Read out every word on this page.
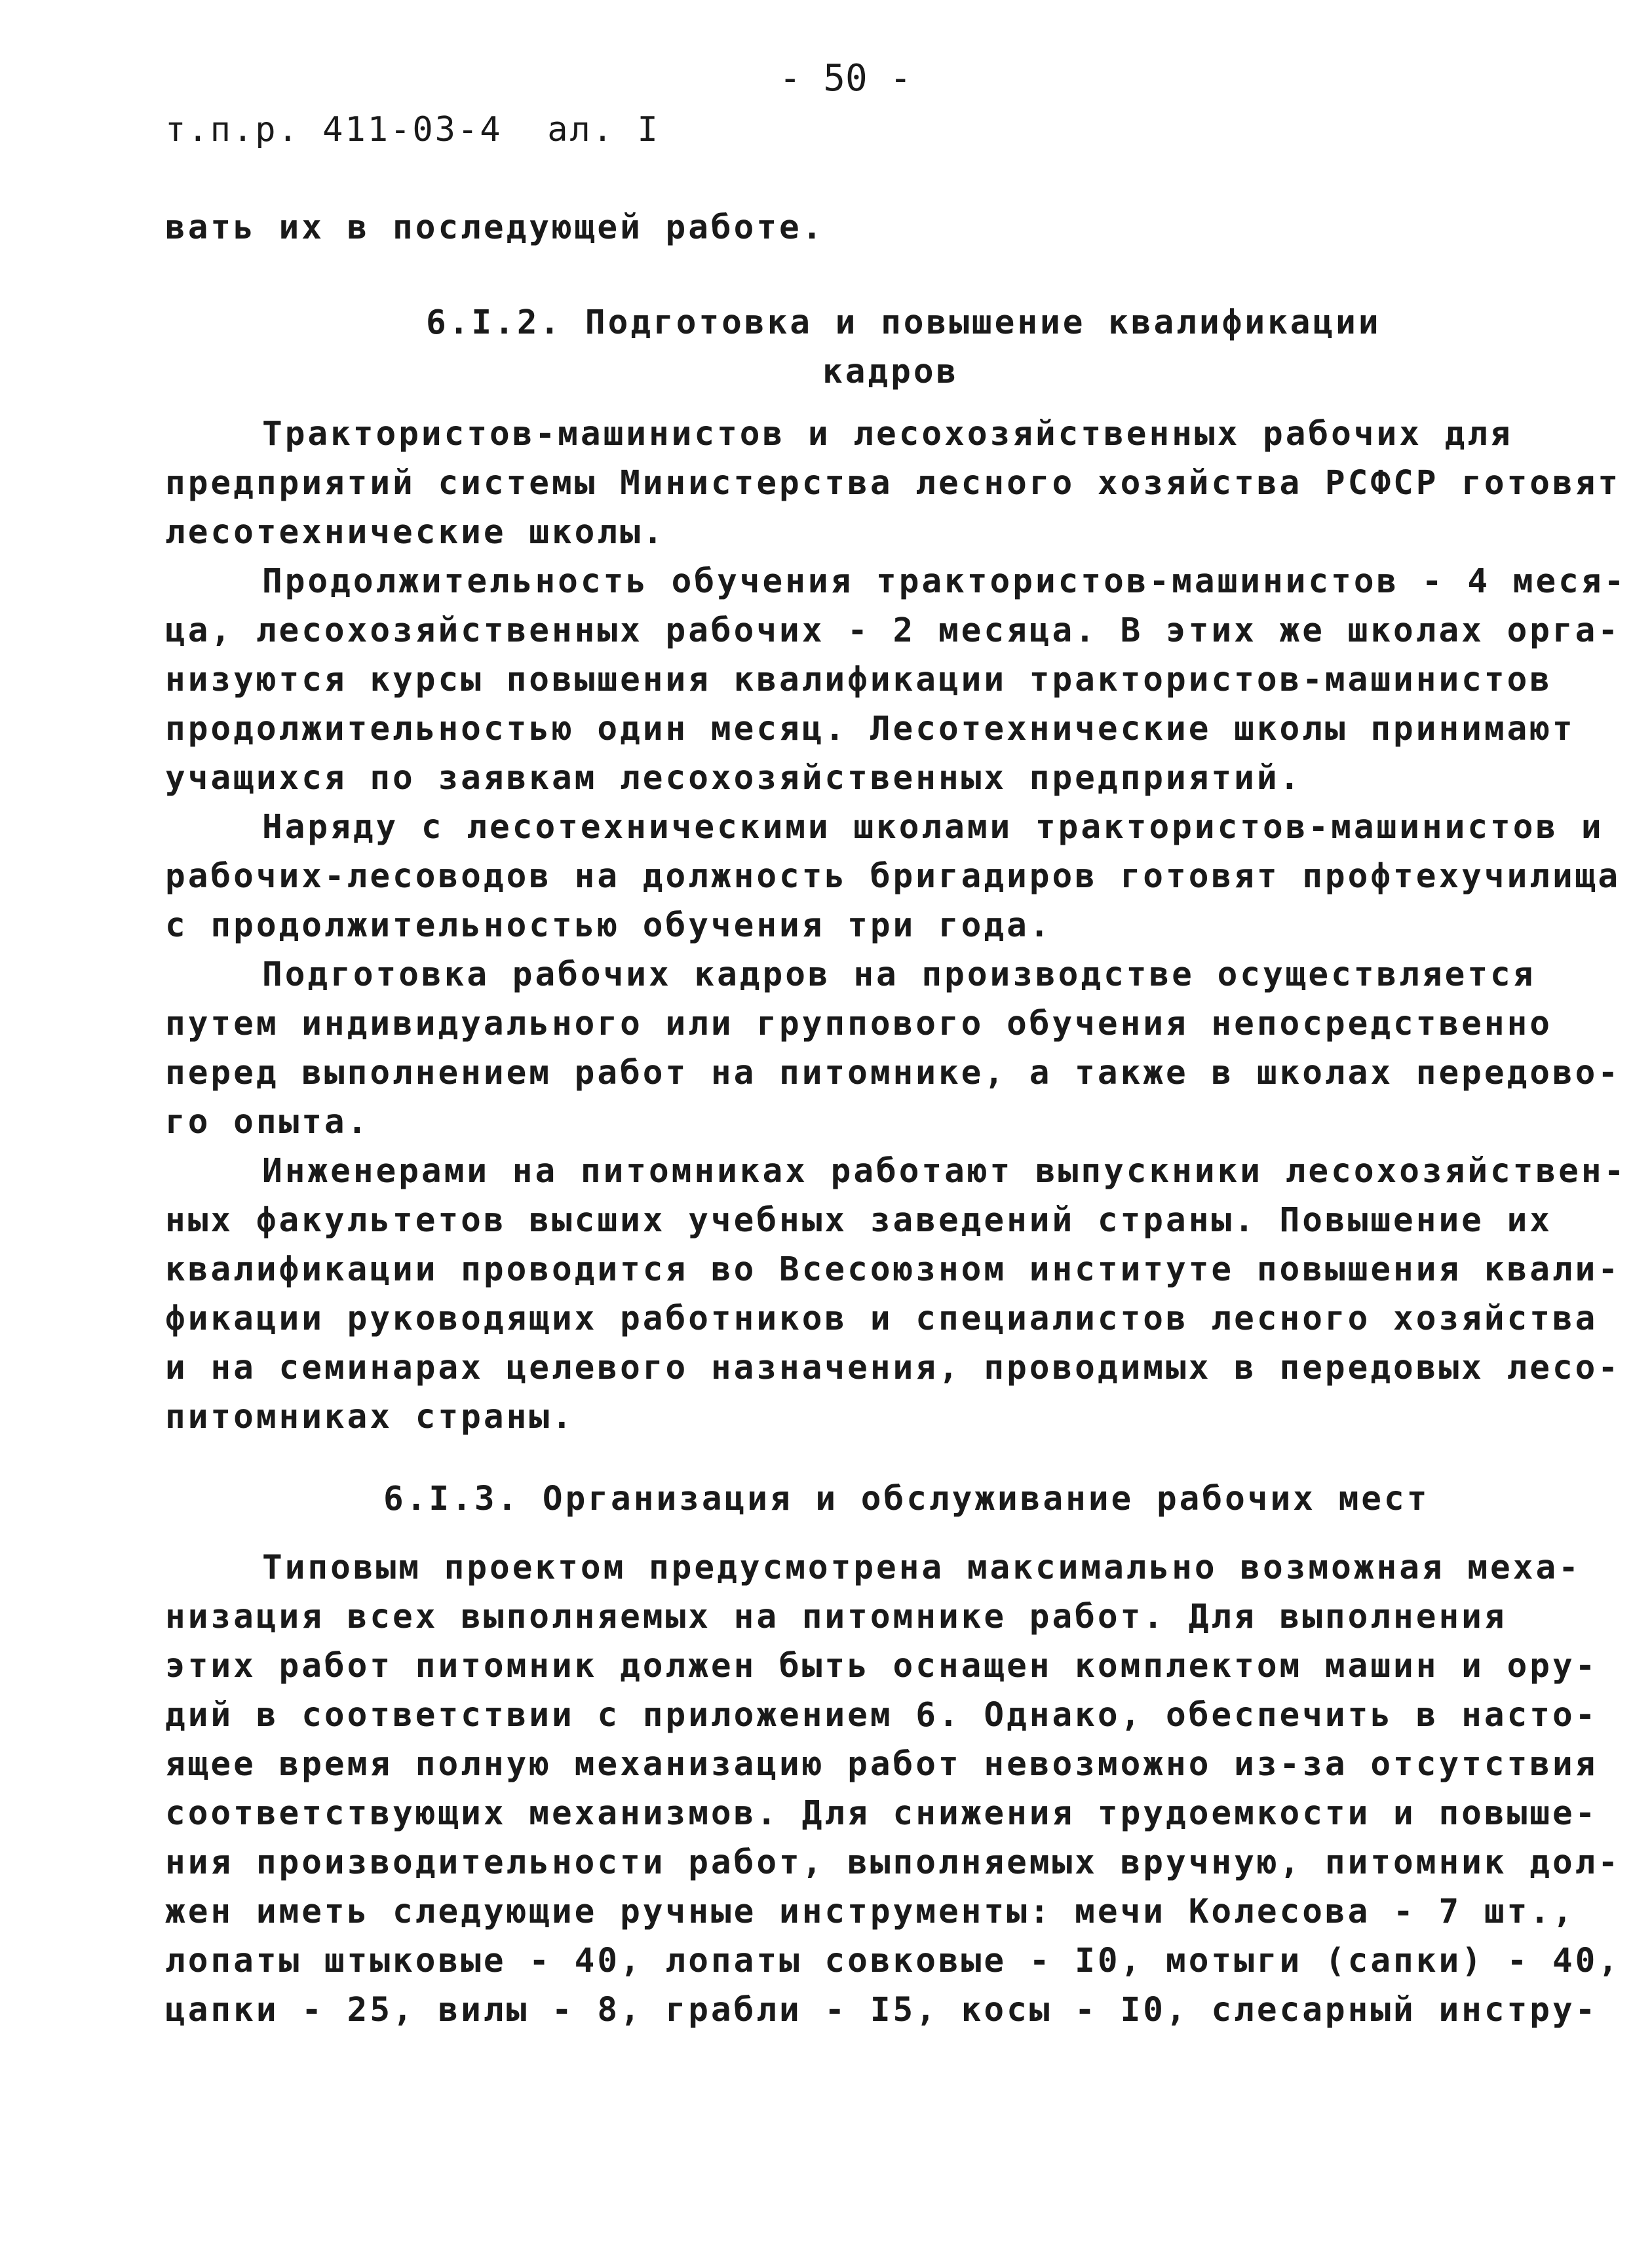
- 50 -
т.п.р. 411-03-4  ал. I
вать их в последующей работе.
6.I.2. Подготовка и повышение квалификации
кадров
Трактористов-машинистов и лесохозяйственных рабочих для
предприятий системы Министерства лесного хозяйства РСФСР готовят
лесотехнические школы.
Продолжительность обучения трактористов-машинистов - 4 меся-
ца, лесохозяйственных рабочих - 2 месяца. В этих же школах орга-
низуются курсы повышения квалификации трактористов-машинистов
продолжительностью один месяц. Лесотехнические школы принимают
учащихся по заявкам лесохозяйственных предприятий.
Наряду с лесотехническими школами трактористов-машинистов и
рабочих-лесоводов на должность бригадиров готовят профтехучилища
с продолжительностью обучения три года.
Подготовка рабочих кадров на производстве осуществляется
путем индивидуального или группового обучения непосредственно
перед выполнением работ на питомнике, а также в школах передово-
го опыта.
Инженерами на питомниках работают выпускники лесохозяйствен-
ных факультетов высших учебных заведений страны. Повышение их
квалификации проводится во Всесоюзном институте повышения квали-
фикации руководящих работников и специалистов лесного хозяйства
и на семинарах целевого назначения, проводимых в передовых лесо-
питомниках страны.
6.I.3. Организация и обслуживание рабочих мест
Типовым проектом предусмотрена максимально возможная меха-
низация всех выполняемых на питомнике работ. Для выполнения
этих работ питомник должен быть оснащен комплектом машин и ору-
дий в соответствии с приложением 6. Однако, обеспечить в насто-
ящее время полную механизацию работ невозможно из-за отсутствия
соответствующих механизмов. Для снижения трудоемкости и повыше-
ния производительности работ, выполняемых вручную, питомник дол-
жен иметь следующие ручные инструменты: мечи Колесова - 7 шт.,
лопаты штыковые - 40, лопаты совковые - I0, мотыги (сапки) - 40,
цапки - 25, вилы - 8, грабли - I5, косы - I0, слесарный инстру-
